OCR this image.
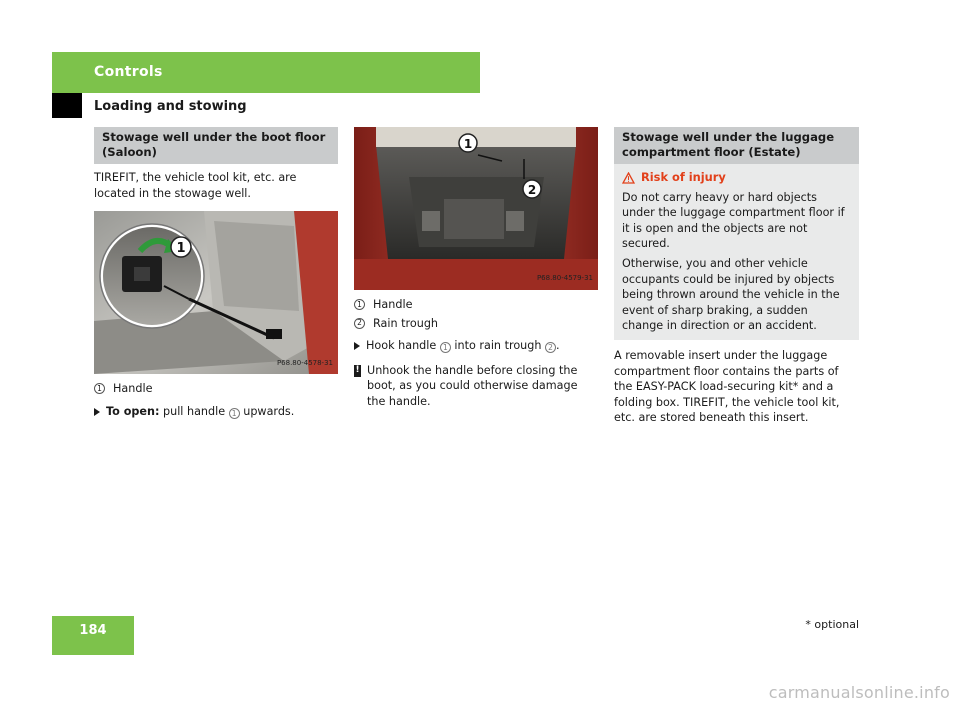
Controls
Loading and stowing
Stowage well under the boot floor (Saloon)
TIREFIT, the vehicle tool kit, etc. are located in the stowage well.
1
P68.80-4578-31
1 Handle
To open: pull handle 1 upwards.
1
2
P68.80-4579-31
1 Handle
2 Rain trough
Hook handle 1 into rain trough 2 .
! Unhook the handle before closing the boot, as you could otherwise damage the handle.
Stowage well under the luggage compartment floor (Estate)
Risk of injury
Do not carry heavy or hard objects under the luggage compartment floor if it is open and the objects are not secured.
Otherwise, you and other vehicle occupants could be injured by objects being thrown around the vehicle in the event of sharp braking, a sudden change in direction or an accident.
A removable insert under the luggage compartment floor contains the parts of the EASY-PACK load-securing kit* and a folding box. TIREFIT, the vehicle tool kit, etc. are stored beneath this insert.
184	* optional
carmanualsonline.info
